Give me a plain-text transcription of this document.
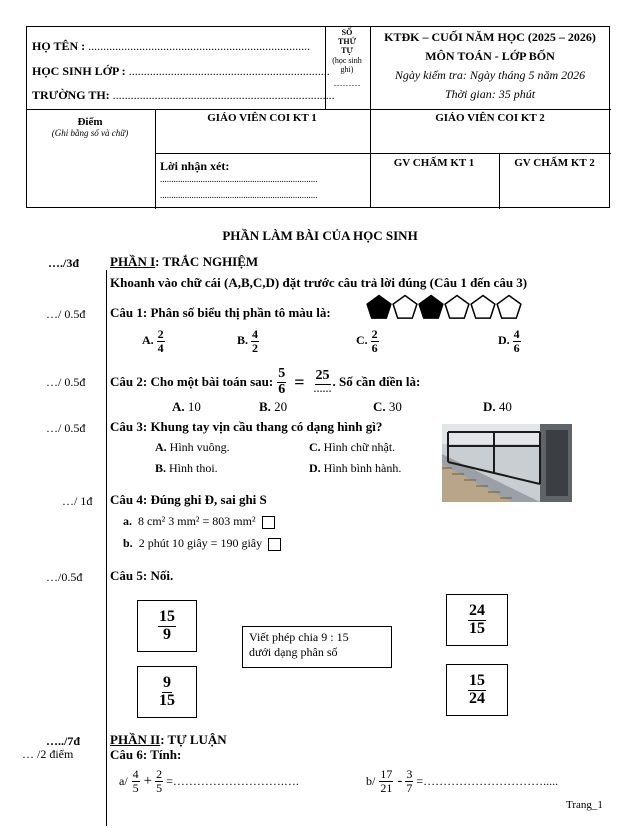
HỌ TÊN : ..........................................................................
HỌC SINH LỚP : ...................................................................
TRƯỜNG TH: ..........................................................................
SỐ
THỨ
TỰ
(học sinh ghi)
………
KTĐK – CUỐI NĂM HỌC (2025 – 2026)
MÔN TOÁN - LỚP BỐN
Ngày kiểm tra: Ngày tháng 5 năm 2026
Thời gian: 35 phút
Điểm
(Ghi bằng số và chữ)
GIÁO VIÊN COI KT 1	GIÁO VIÊN COI KT 2
Lời nhận xét:
......................................................................
......................................................................
GV CHẤM KT 1	GV CHẤM KT 2
PHẦN LÀM BÀI CỦA HỌC SINH
…./3đ PHẦN I: TRẮC NGHIỆM
Khoanh vào chữ cái (A,B,C,D) đặt trước câu trả lời đúng (Câu 1 đến câu 3)
…/ 0.5đ Câu 1: Phân số biểu thị phần tô màu là:
A. $\frac{2}{4}$	B. $\frac{4}{2}$	C. $\frac{2}{6}$	D. $\frac{4}{6}$
…/ 0.5đ Câu 2: Cho một bài toán sau: $\frac{5}{6} = \frac{25}{\dots\dots}$ . Số cần điền là:
A. 10	B. 20	C. 30	D. 40
…/ 0.5đ Câu 3: Khung tay vịn cầu thang có dạng hình gì?
A. Hình vuông.	C. Hình chữ nhật.
B. Hình thoi.	D. Hình bình hành.
…/ 1đ Câu 4: Đúng ghi Đ, sai ghi S
a. 8 cm² 3 mm² = 803 mm²
b. 2 phút 10 giây = 190 giây
…/0.5đ Câu 5: Nối.
$\frac{15}{9}$
$\frac{9}{15}$
$\frac{24}{15}$
$\frac{15}{24}$
Viết phép chia 9 : 15
dưới dạng phân số
…../7đ
… /2 điểm
PHẦN II: TỰ LUẬN
Câu 6: Tính:
$a/ \frac{4}{5} + \frac{2}{5}$ =……………………….….	$b/ \frac{17}{21} - \frac{3}{7}$ =………………………….....
Trang_1
